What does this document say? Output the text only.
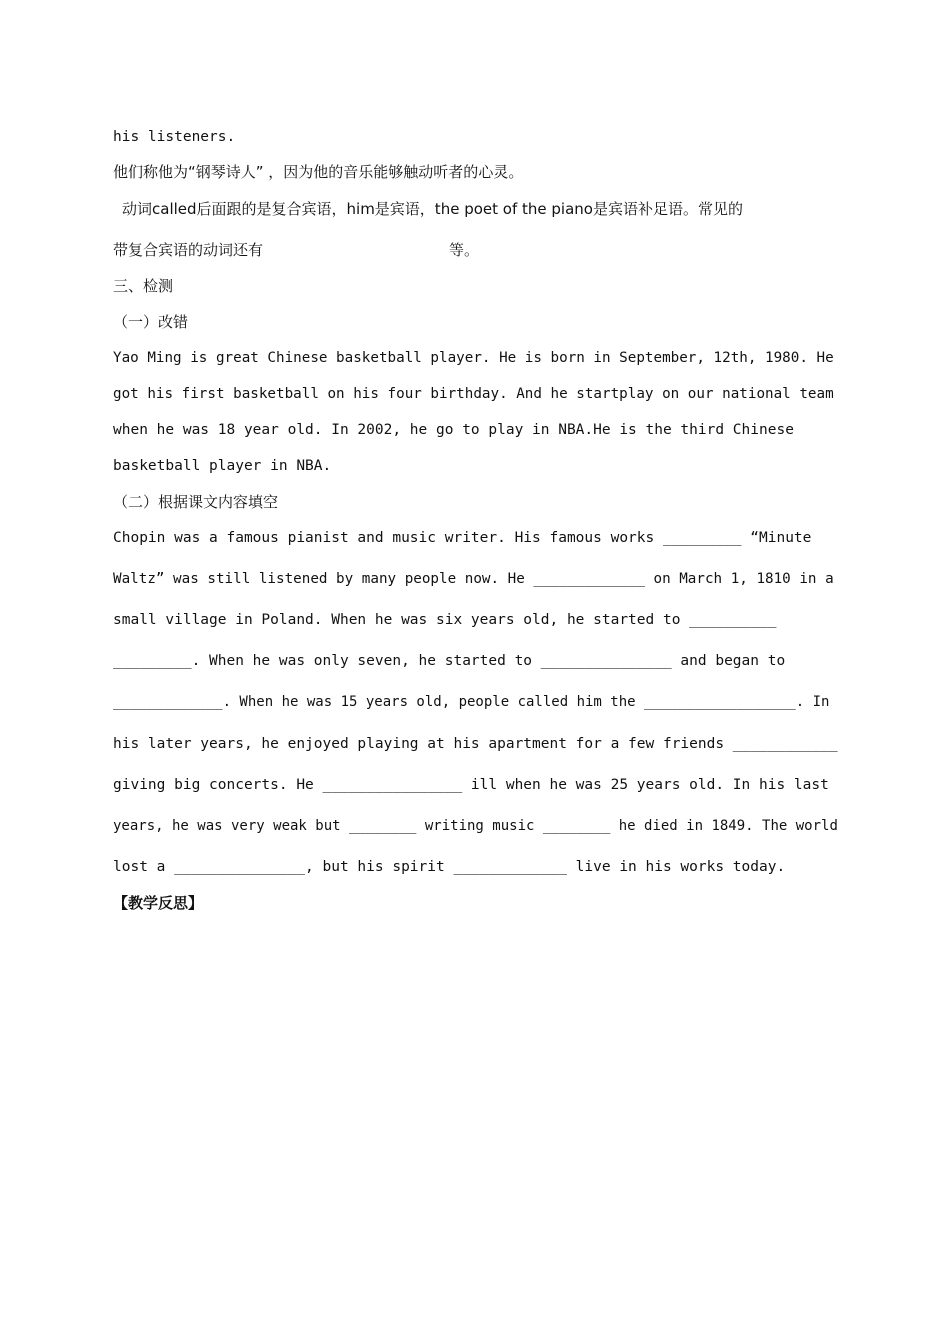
his listeners.
他们称他为“钢琴诗人” ，因为他的音乐能够触动听者的心灵。
动词called后面跟的是复合宾语，him是宾语，the poet of the piano是宾语补足语。常见的
带复合宾语的动词还有	等。
三、检测
（一）改错
Yao Ming is great Chinese basketball player. He is born in September, 12th, 1980. He
got his first basketball on his four birthday. And he startplay on our national team
when he was 18 year old. In 2002, he go to play in NBA.He is the third Chinese
basketball player in NBA.
（二）根据课文内容填空
Chopin was a famous pianist and music writer. His famous works _________ “Minute
Waltz” was still listened by many people now. He _____________ on March 1, 1810 in a
small village in Poland. When he was six years old, he started to __________
_________. When he was only seven, he started to _______________ and began to
_____________. When he was 15 years old, people called him the __________________. In
his later years, he enjoyed playing at his apartment for a few friends ____________
giving big concerts. He ________________ ill when he was 25 years old. In his last
years, he was very weak but ________ writing music ________ he died in 1849. The world
lost a _______________, but his spirit _____________ live in his works today.
【教学反思】
